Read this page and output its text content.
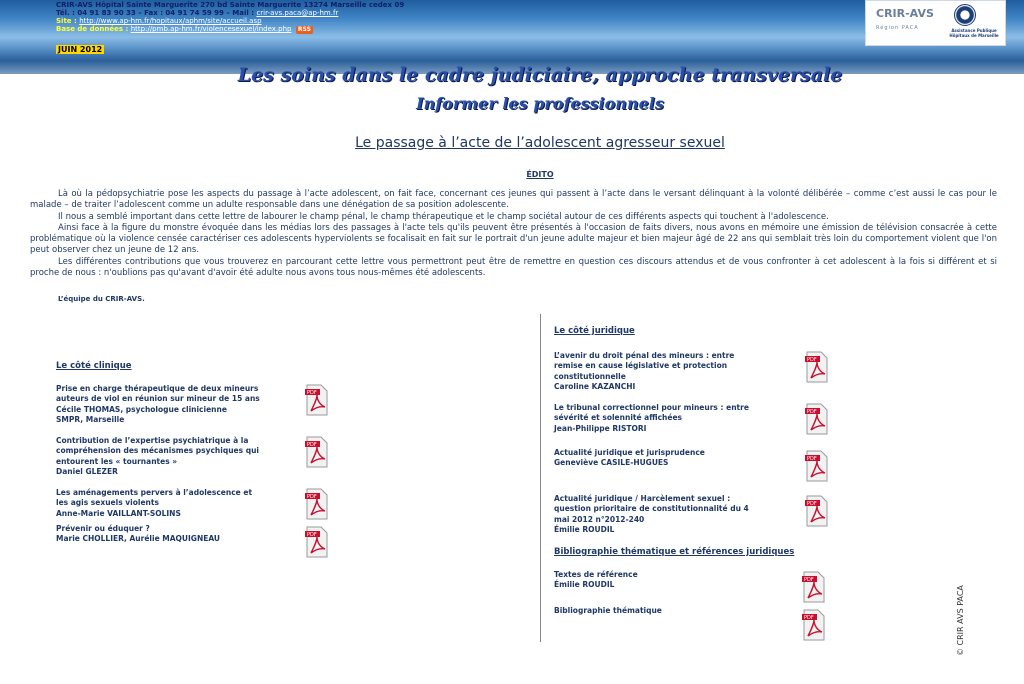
CRIR-AVS Hôpital Sainte Marguerite 270 bd Sainte Marguerite 13274 Marseille cedex 09
Tél. : 04 91 83 90 33 – Fax : 04 91 74 59 99 – Mail : crir-avs.paca@ap-hm.fr
Site : http://www.ap-hm.fr/hopitaux/aphm/site/accueil.asp
Base de données : http://pmb.ap-hm.fr/violencesexuel/index.php RSS
JUIN 2012
CRIR-AVS
Région PACA	Assistance Publique Hôpitaux de Marseille
Les soins dans le cadre judiciaire, approche transversale
Informer les professionnels
Le passage à l’acte de l’adolescent agresseur sexuel
ÉDITO

Là où la pédopsychiatrie pose les aspects du passage à l’acte adolescent, on fait face, concernant ces jeunes qui passent à l’acte dans le versant délinquant à la volonté délibérée – comme c’est aussi le cas pour le malade – de traiter l’adolescent comme un adulte responsable dans une dénégation de sa position adolescente.

Il nous a semblé important dans cette lettre de labourer le champ pénal, le champ thérapeutique et le champ sociétal autour de ces différents aspects qui touchent à l'adolescence.

Ainsi face à la figure du monstre évoquée dans les médias lors des passages à l'acte tels qu'ils peuvent être présentés à l'occasion de faits divers, nous avons en mémoire une émission de télévision consacrée à cette problématique où la violence censée caractériser ces adolescents hyperviolents se focalisait en fait sur le portrait d'un jeune adulte majeur et bien majeur âgé de 22 ans qui semblait très loin du comportement violent que l'on peut observer chez un jeune de 12 ans.

Les différentes contributions que vous trouverez en parcourant cette lettre vous permettront peut être de remettre en question ces discours attendus et de vous confronter à cet adolescent à la fois si différent et si proche de nous : n'oublions pas qu'avant d'avoir été adulte nous avons tous nous-mêmes été adolescents.

L’équipe du CRIR-AVS.
Le côté clinique
Prise en charge thérapeutique de deux mineurs
auteurs de viol en réunion sur mineur de 15 ans
Cécile THOMAS, psychologue clinicienne
SMPR, Marseille
Contribution de l’expertise psychiatrique à la
compréhension des mécanismes psychiques qui
entourent les « tournantes »
Daniel GLEZER
Les aménagements pervers à l’adolescence et
les agis sexuels violents
Anne-Marie VAILLANT-SOLINS
Prévenir ou éduquer ?
Marie CHOLLIER, Aurélie MAQUIGNEAU
Le côté juridique
L’avenir du droit pénal des mineurs : entre
remise en cause législative et protection
constitutionnelle
Caroline KAZANCHI
Le tribunal correctionnel pour mineurs : entre
sévérité et solennité affichées
Jean-Philippe RISTORI
Actualité juridique et jurisprudence
Geneviève CASILE-HUGUES
Actualité juridique / Harcèlement sexuel :
question prioritaire de constitutionnalité du 4
mai 2012 n°2012-240
Émilie ROUDIL
Bibliographie thématique et références juridiques
Textes de référence
Émilie ROUDIL
Bibliographie thématique
PDF
PDF
PDF
PDF
PDF
PDF
PDF
PDF
PDF
PDF	© CRIR AVS PACA
